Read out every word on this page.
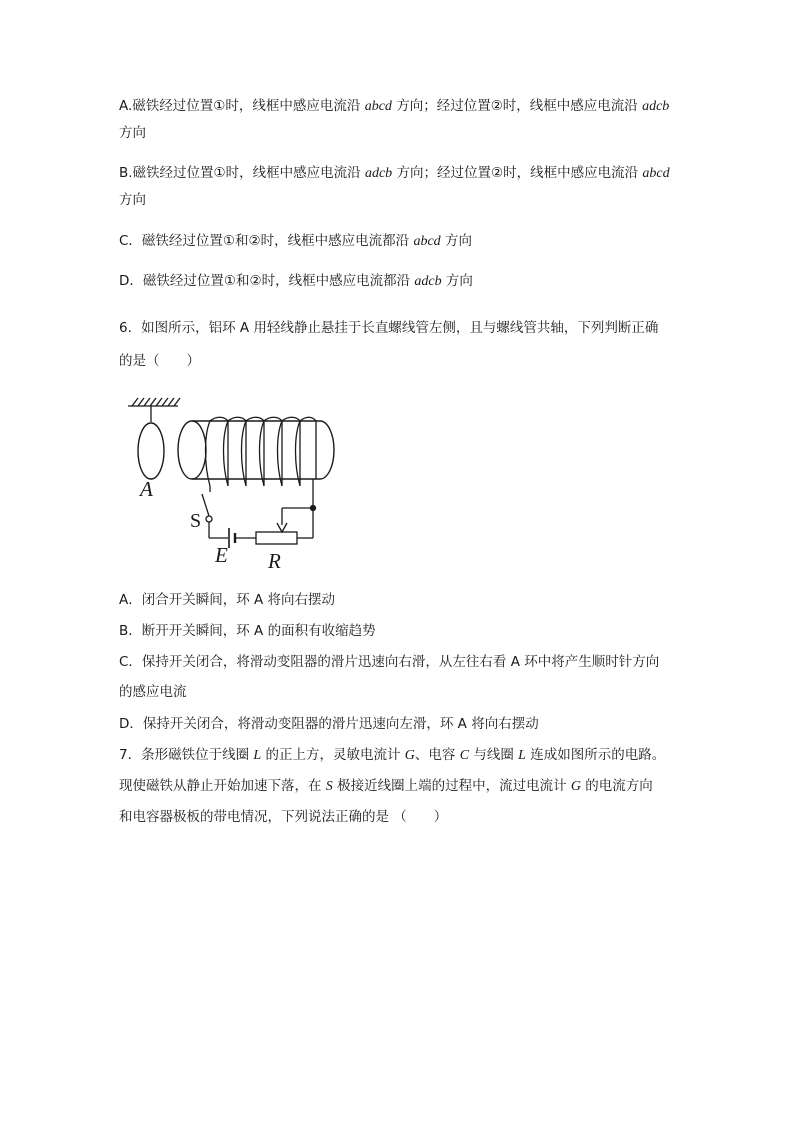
A.磁铁经过位置①时，线框中感应电流沿 abcd 方向；经过位置②时，线框中感应电流沿 adcb
方向
B.磁铁经过位置①时，线框中感应电流沿 adcb 方向；经过位置②时，线框中感应电流沿 abcd
方向
C．磁铁经过位置①和②时，线框中感应电流都沿 abcd 方向
D．磁铁经过位置①和②时，线框中感应电流都沿 adcb 方向
6．如图所示，铝环 A 用轻线静止悬挂于长直螺线管左侧，且与螺线管共轴，下列判断正确
的是（　　）
A
S
E R
A．闭合开关瞬间，环 A 将向右摆动
B．断开开关瞬间，环 A 的面积有收缩趋势
C．保持开关闭合，将滑动变阻器的滑片迅速向右滑，从左往右看 A 环中将产生顺时针方向
的感应电流
D．保持开关闭合，将滑动变阻器的滑片迅速向左滑，环 A 将向右摆动
7．条形磁铁位于线圈 L 的正上方，灵敏电流计 G、电容 C 与线圈 L 连成如图所示的电路。
现使磁铁从静止开始加速下落，在 S 极接近线圈上端的过程中，流过电流计 G 的电流方向
和电容器极板的带电情况，下列说法正确的是 （　　）
